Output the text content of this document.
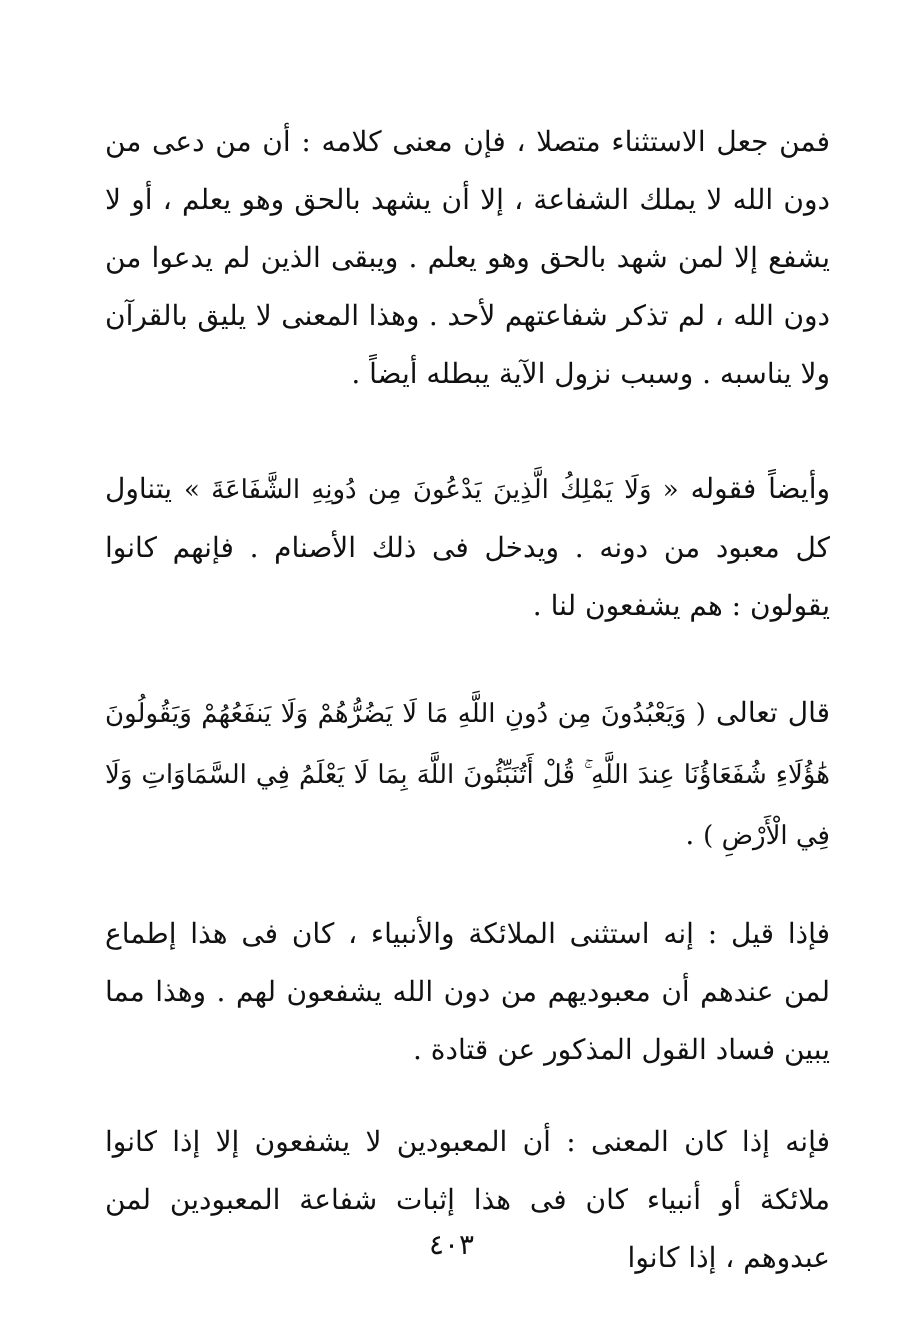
فمن جعل الاستثناء متصلا ، فإن معنى كلامه : أن من دعى من دون الله لا يملك الشفاعة ، إلا أن يشهد بالحق وهو يعلم ، أو لا يشفع إلا لمن شهد بالحق وهو يعلم . ويبقى الذين لم يدعوا من دون الله ، لم تذكر شفاعتهم لأحد . وهذا المعنى لا يليق بالقرآن ولا يناسبه . وسبب نزول الآية يبطله أيضاً .

وأيضاً فقوله « وَلَا يَمْلِكُ الَّذِينَ يَدْعُونَ مِن دُونِهِ الشَّفَاعَةَ » يتناول كل معبود من دونه . ويدخل فى ذلك الأصنام . فإنهم كانوا يقولون : هم يشفعون لنا .

قال تعالى ( وَيَعْبُدُونَ مِن دُونِ اللَّهِ مَا لَا يَضُرُّهُمْ وَلَا يَنفَعُهُمْ وَيَقُولُونَ هَٰؤُلَاءِ شُفَعَاؤُنَا عِندَ اللَّهِ ۚ قُلْ أَتُنَبِّئُونَ اللَّهَ بِمَا لَا يَعْلَمُ فِي السَّمَاوَاتِ وَلَا فِي الْأَرْضِ ) .

فإذا قيل : إنه استثنى الملائكة والأنبياء ، كان فى هذا إطماع لمن عندهم أن معبوديهم من دون الله يشفعون لهم . وهذا مما يبين فساد القول المذكور عن قتادة .

فإنه إذا كان المعنى : أن المعبودين لا يشفعون إلا إذا كانوا ملائكة أو أنبياء كان فى هذا إثبات شفاعة المعبودين لمن عبدوهم ، إذا كانوا

٤٠٣
